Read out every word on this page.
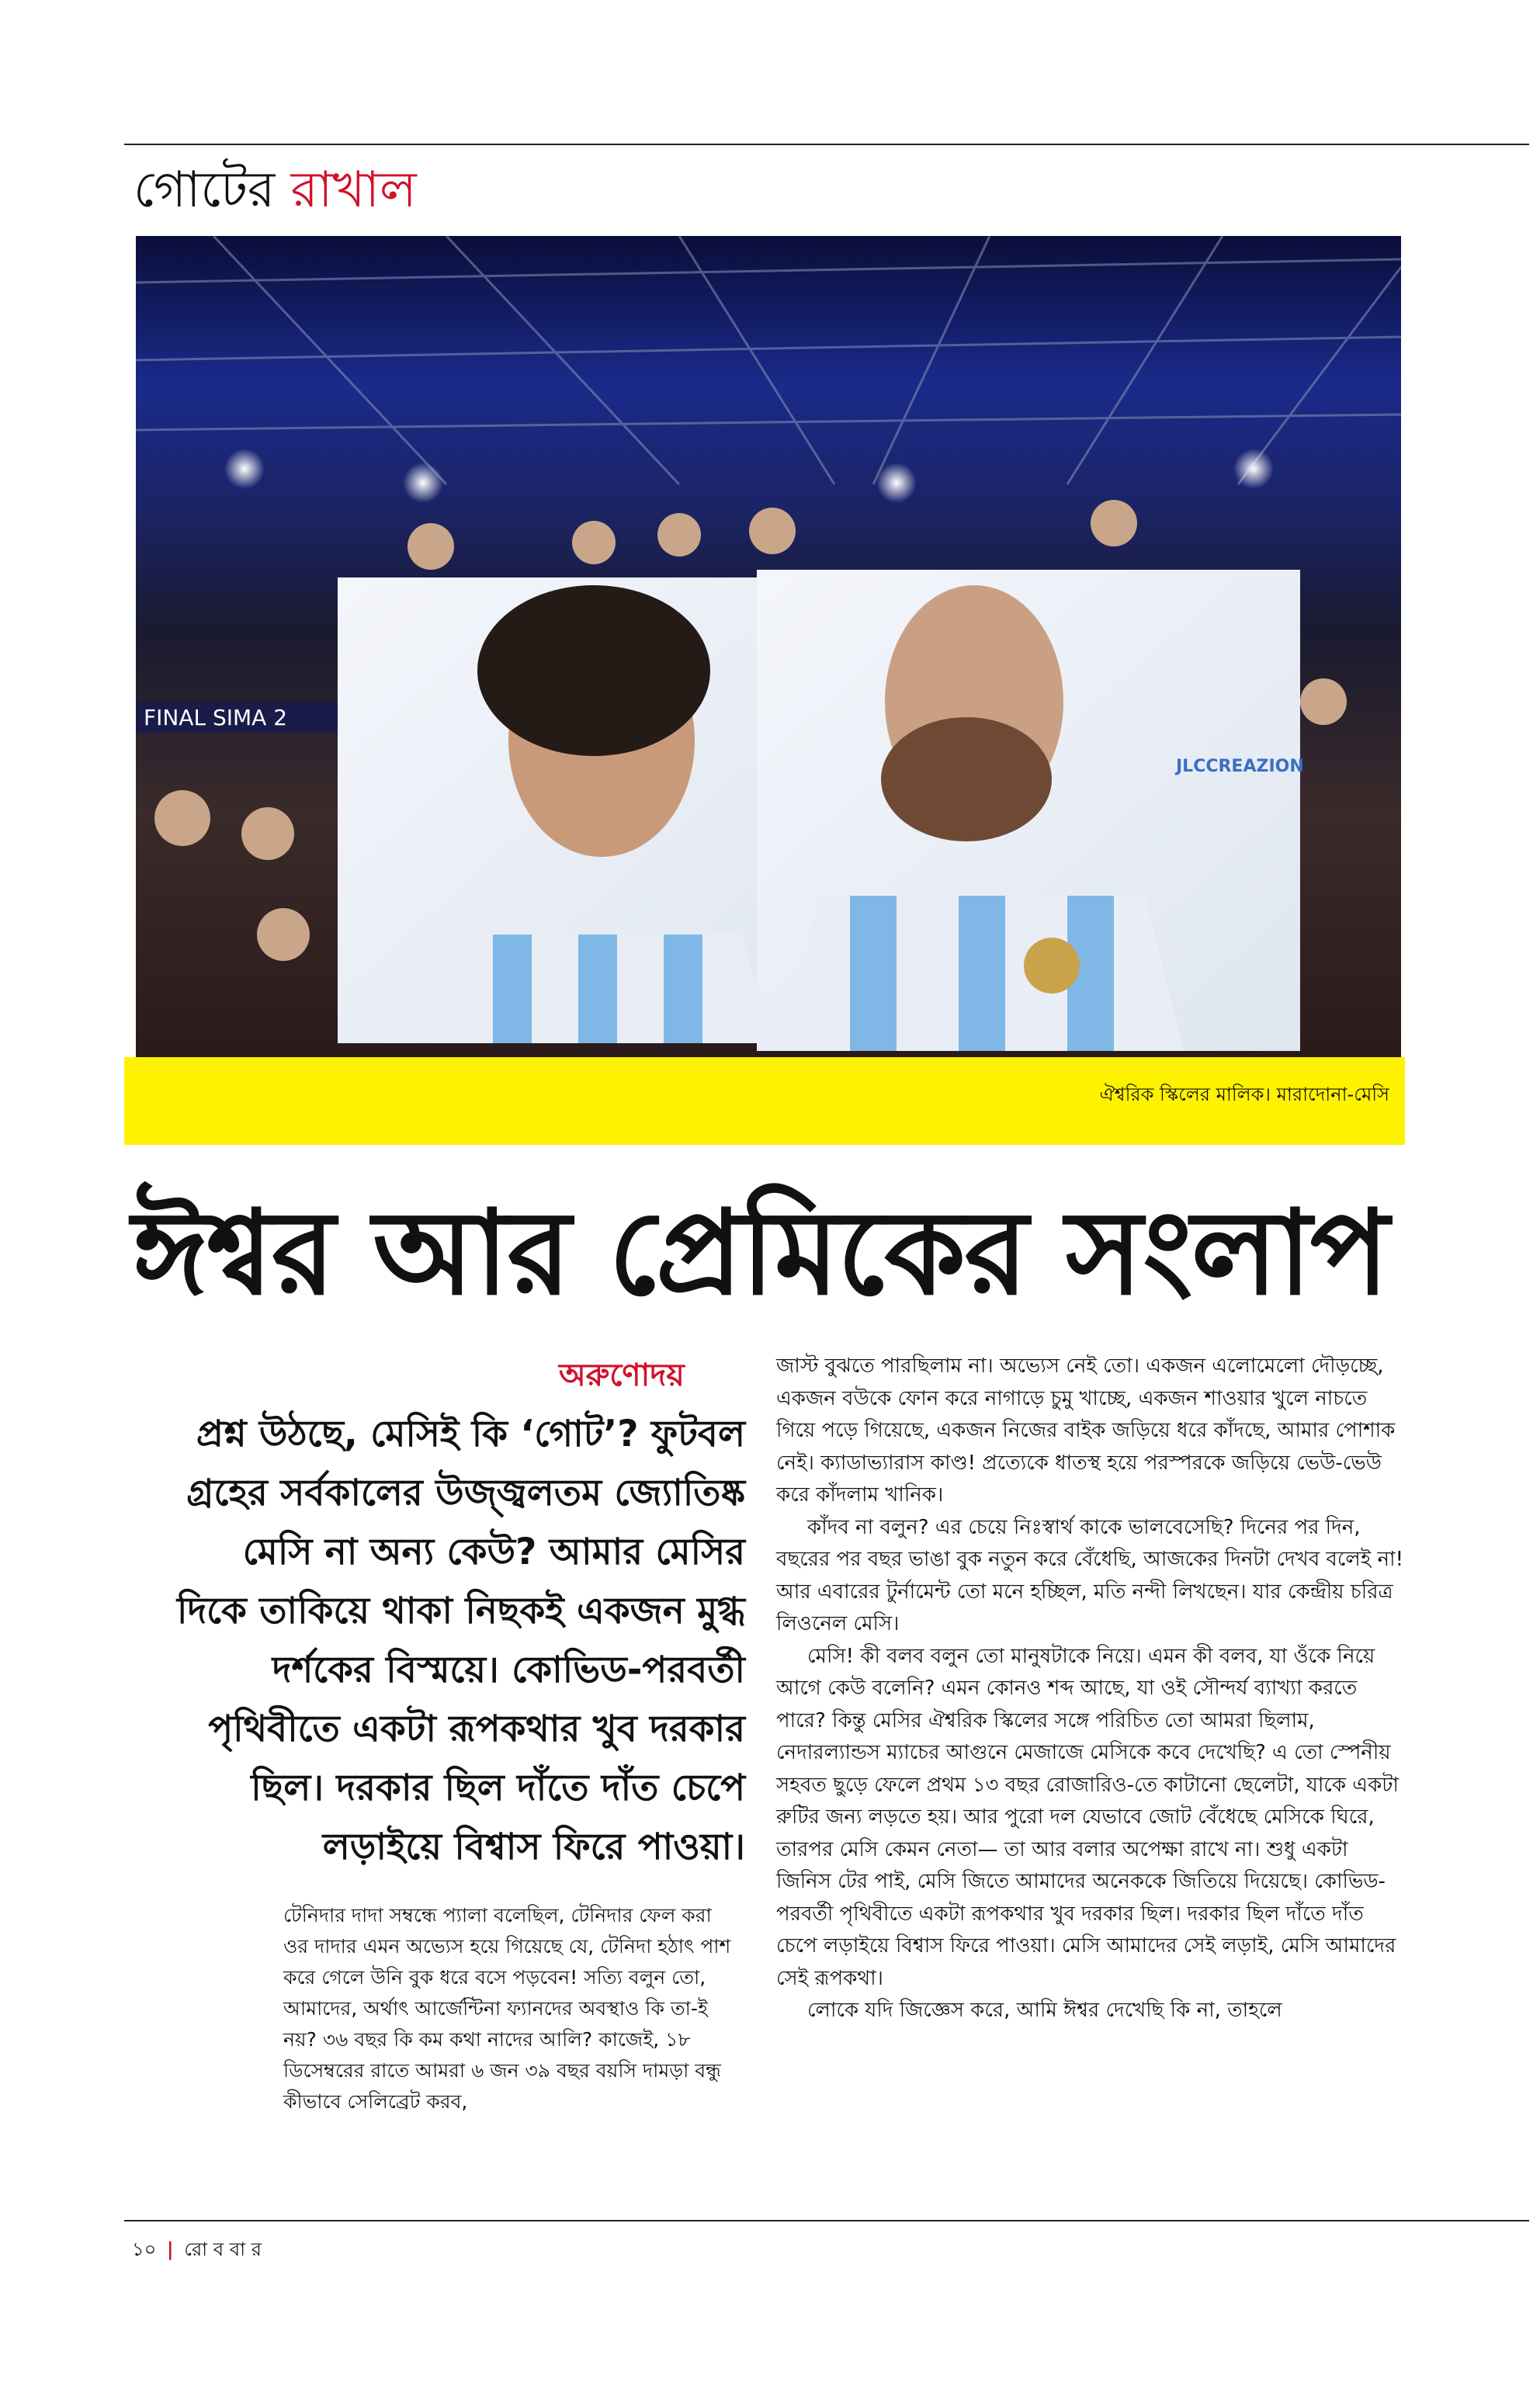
গোটের রাখাল
FINAL SIMA 2
JLCCREAZION
ঐশ্বরিক স্কিলের মালিক। মারাদোনা-মেসি
ঈশ্বর আর প্রেমিকের সংলাপ
অরুণোদয়
প্রশ্ন উঠছে, মেসিই কি ‘গোট’? ফুটবল গ্রহের সর্বকালের উজ্জ্বলতম জ্যোতিষ্ক মেসি না অন্য কেউ? আমার মেসির দিকে তাকিয়ে থাকা নিছকই একজন মুগ্ধ দর্শকের বিস্ময়ে। কোভিড-পরবর্তী পৃথিবীতে একটা রূপকথার খুব দরকার ছিল। দরকার ছিল দাঁতে দাঁত চেপে লড়াইয়ে বিশ্বাস ফিরে পাওয়া।
টেনিদার দাদা সম্বন্ধে প্যালা বলেছিল, টেনিদার ফেল করা ওর দাদার এমন অভ্যেস হয়ে গিয়েছে যে, টেনিদা হঠাৎ পাশ করে গেলে উনি বুক ধরে বসে পড়বেন! সত্যি বলুন তো, আমাদের, অর্থাৎ আর্জেন্টিনা ফ্যানদের অবস্থাও কি তা-ই নয়? ৩৬ বছর কি কম কথা নাদের আলি? কাজেই, ১৮ ডিসেম্বরের রাতে আমরা ৬ জন ৩৯ বছর বয়সি দামড়া বন্ধু কীভাবে সেলিব্রেট করব,

জাস্ট বুঝতে পারছিলাম না। অভ্যেস নেই তো। একজন এলোমেলো দৌড়চ্ছে, একজন বউকে ফোন করে নাগাড়ে চুমু খাচ্ছে, একজন শাওয়ার খুলে নাচতে গিয়ে পড়ে গিয়েছে, একজন নিজের বাইক জড়িয়ে ধরে কাঁদছে, আমার পোশাক নেই। ক্যাডাভ্যারাস কাণ্ড! প্রত্যেকে ধাতস্থ হয়ে পরস্পরকে জড়িয়ে ভেউ-ভেউ করে কাঁদলাম খানিক।

কাঁদব না বলুন? এর চেয়ে নিঃস্বার্থ কাকে ভালবেসেছি? দিনের পর দিন, বছরের পর বছর ভাঙা বুক নতুন করে বেঁধেছি, আজকের দিনটা দেখব বলেই না! আর এবারের টুর্নামেন্ট তো মনে হচ্ছিল, মতি নন্দী লিখছেন। যার কেন্দ্রীয় চরিত্র লিওনেল মেসি।

মেসি! কী বলব বলুন তো মানুষটাকে নিয়ে। এমন কী বলব, যা ওঁকে নিয়ে আগে কেউ বলেনি? এমন কোনও শব্দ আছে, যা ওই সৌন্দর্য ব্যাখ্যা করতে পারে? কিন্তু মেসির ঐশ্বরিক স্কিলের সঙ্গে পরিচিত তো আমরা ছিলাম, নেদারল্যান্ডস ম্যাচের আগুনে মেজাজে মেসিকে কবে দেখেছি? এ তো স্পেনীয় সহবত ছুড়ে ফেলে প্রথম ১৩ বছর রোজারিও-তে কাটানো ছেলেটা, যাকে একটা রুটির জন্য লড়তে হয়। আর পুরো দল যেভাবে জোট বেঁধেছে মেসিকে ঘিরে, তারপর মেসি কেমন নেতা— তা আর বলার অপেক্ষা রাখে না। শুধু একটা জিনিস টের পাই, মেসি জিতে আমাদের অনেককে জিতিয়ে দিয়েছে। কোভিড-পরবর্তী পৃথিবীতে একটা রূপকথার খুব দরকার ছিল। দরকার ছিল দাঁতে দাঁত চেপে লড়াইয়ে বিশ্বাস ফিরে পাওয়া। মেসি আমাদের সেই লড়াই, মেসি আমাদের সেই রূপকথা।

লোকে যদি জিজ্ঞেস করে, আমি ঈশ্বর দেখেছি কি না, তাহলে

১০ | রো ব বা র
